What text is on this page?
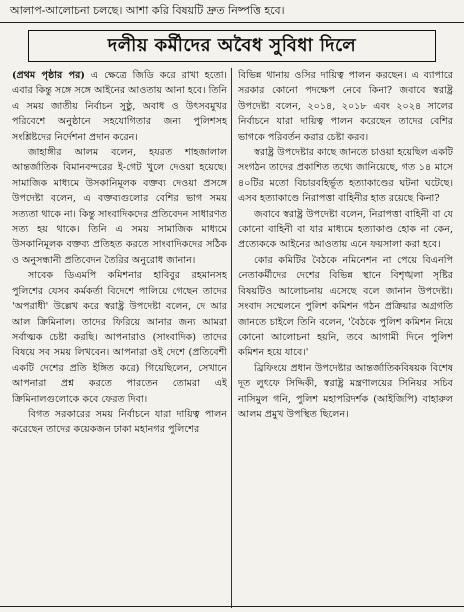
আলাপ-আলোচনা চলছে। আশা করি বিষয়টি দ্রুত নিষ্পত্তি হবে।
দলীয় কর্মীদের অবৈধ সুবিধা দিলে

(প্রথম পৃষ্ঠার পর) এ ক্ষেত্রে জিডি করে রাখা হতো। এবার কিন্তু সঙ্গে সঙ্গে আইনের আওতায় আনা হবে। তিনি এ সময় জাতীয় নির্বাচন সুষ্ঠু, অবাধ ও উৎসবমুখর পরিবেশে অনুষ্ঠানে সহযোগিতার জন্য পুলিশসহ সংশ্লিষ্টদের নির্দেশনা প্রদান করেন।

জাহাঙ্গীর আলম বলেন, হযরত শাহজালাল আন্তর্জাতিক বিমানবন্দরের ই-গেট খুলে দেওয়া হয়েছে। সামাজিক মাধ্যমে উসকানিমূলক বক্তব্য দেওয়া প্রসঙ্গে উপদেষ্টা বলেন, এ বক্তব্যগুলোর বেশির ভাগ সময় সত্যতা থাকে না। কিন্তু সাংবাদিকদের প্রতিবেদন সাধারণত সত্য হয় থাকে। তিনি এ সময় সামাজিক মাধ্যমে উসকানিমূলক বক্তব্য প্রতিহত করতে সাংবাদিকদের সঠিক ও অনুসন্ধানী প্রতিবেদন তৈরির অনুরোধ জানান।

সাবেক ডিএমপি কমিশনার হাবিবুর রহমানসহ পুলিশের যেসব কর্মকর্তা বিদেশে পালিয়ে গেছেন তাদের 'অপরাধী' উল্লেখ করে স্বরাষ্ট্র উপদেষ্টা বলেন, দে আর আল ক্রিমিনাল। তাদের ফিরিয়ে আনার জন্য আমরা সর্বাত্মক চেষ্টা করছি। আপনারাও (সাংবাদিক) তাদের বিষয়ে সব সময় লিখবেন। আপনারা ওই দেশে (প্রতিবেশী একটি দেশের প্রতি ইঙ্গিত করে) গিয়েছিলেন, সেখানে আপনারা প্রশ্ন করতে পারতেন তোমরা এই ক্রিমিনালগুলোকে কবে ফেরত দিবা।

বিগত সরকারের সময় নির্বাচনে যারা দায়িত্ব পালন করেছেন তাদের কয়েকজন ঢাকা মহানগর পুলিশের

বিভিন্ন থানায় ওসির দায়িত্ব পালন করছেন। এ ব্যাপারে সরকার কোনো পদক্ষেপ নেবে কিনা? জবাবে স্বরাষ্ট্র উপদেষ্টা বলেন, ২০১৪, ২০১৮ এবং ২০২৪ সালের নির্বাচনে যারা দায়িত্ব পালন করেছেন তাদের বেশির ভাগকে পরিবর্তন করার চেষ্টা করব।

স্বরাষ্ট্র উপদেষ্টার কাছে জানতে চাওয়া হয়েছিল একটি সংগঠন তাদের প্রকাশিত তথ্যে জানিয়েছে, গত ১৪ মাসে ৪০টির মতো বিচারবহির্ভূত হত্যাকাণ্ডের ঘটনা ঘটেছে। এসব হত্যাকাণ্ডে নিরাপত্তা বাহিনীর হাত রয়েছে কিনা?

জবাবে স্বরাষ্ট্র উপদেষ্টা বলেন, নিরাপত্তা বাহিনী বা যে কোনো বাহিনী বা যার মাধ্যমে হত্যাকাণ্ড হোক না কেন, প্রত্যেককে আইনের আওতায় এনে ফয়সালা করা হবে।

কোর কমিটির বৈঠকে নমিনেশন না পেয়ে বিএনপি নেতাকর্মীদের দেশের বিভিন্ন স্থানে বিশৃঙ্খলা সৃষ্টির বিষয়টিও আলোচনায় এসেছে বলে জানান উপদেষ্টা। সংবাদ সম্মেলনে পুলিশ কমিশন গঠন প্রক্রিয়ার অগ্রগতি জানতে চাইলে তিনি বলেন, 'বৈঠকে পুলিশ কমিশন নিয়ে কোনো আলোচনা হয়নি, তবে আগামী দিনে পুলিশ কমিশন হয়ে যাবে।'

ব্রিফিংয়ে প্রধান উপদেষ্টার আন্তর্জাতিকবিষয়ক বিশেষ দূত লুৎফে সিদ্দিকী, স্বরাষ্ট্র মন্ত্রণালয়ের সিনিয়র সচিব নাসিমুল গনি, পুলিশ মহাপরিদর্শক (আইজিপি) বাহারুল আলম প্রমুখ উপস্থিত ছিলেন।
